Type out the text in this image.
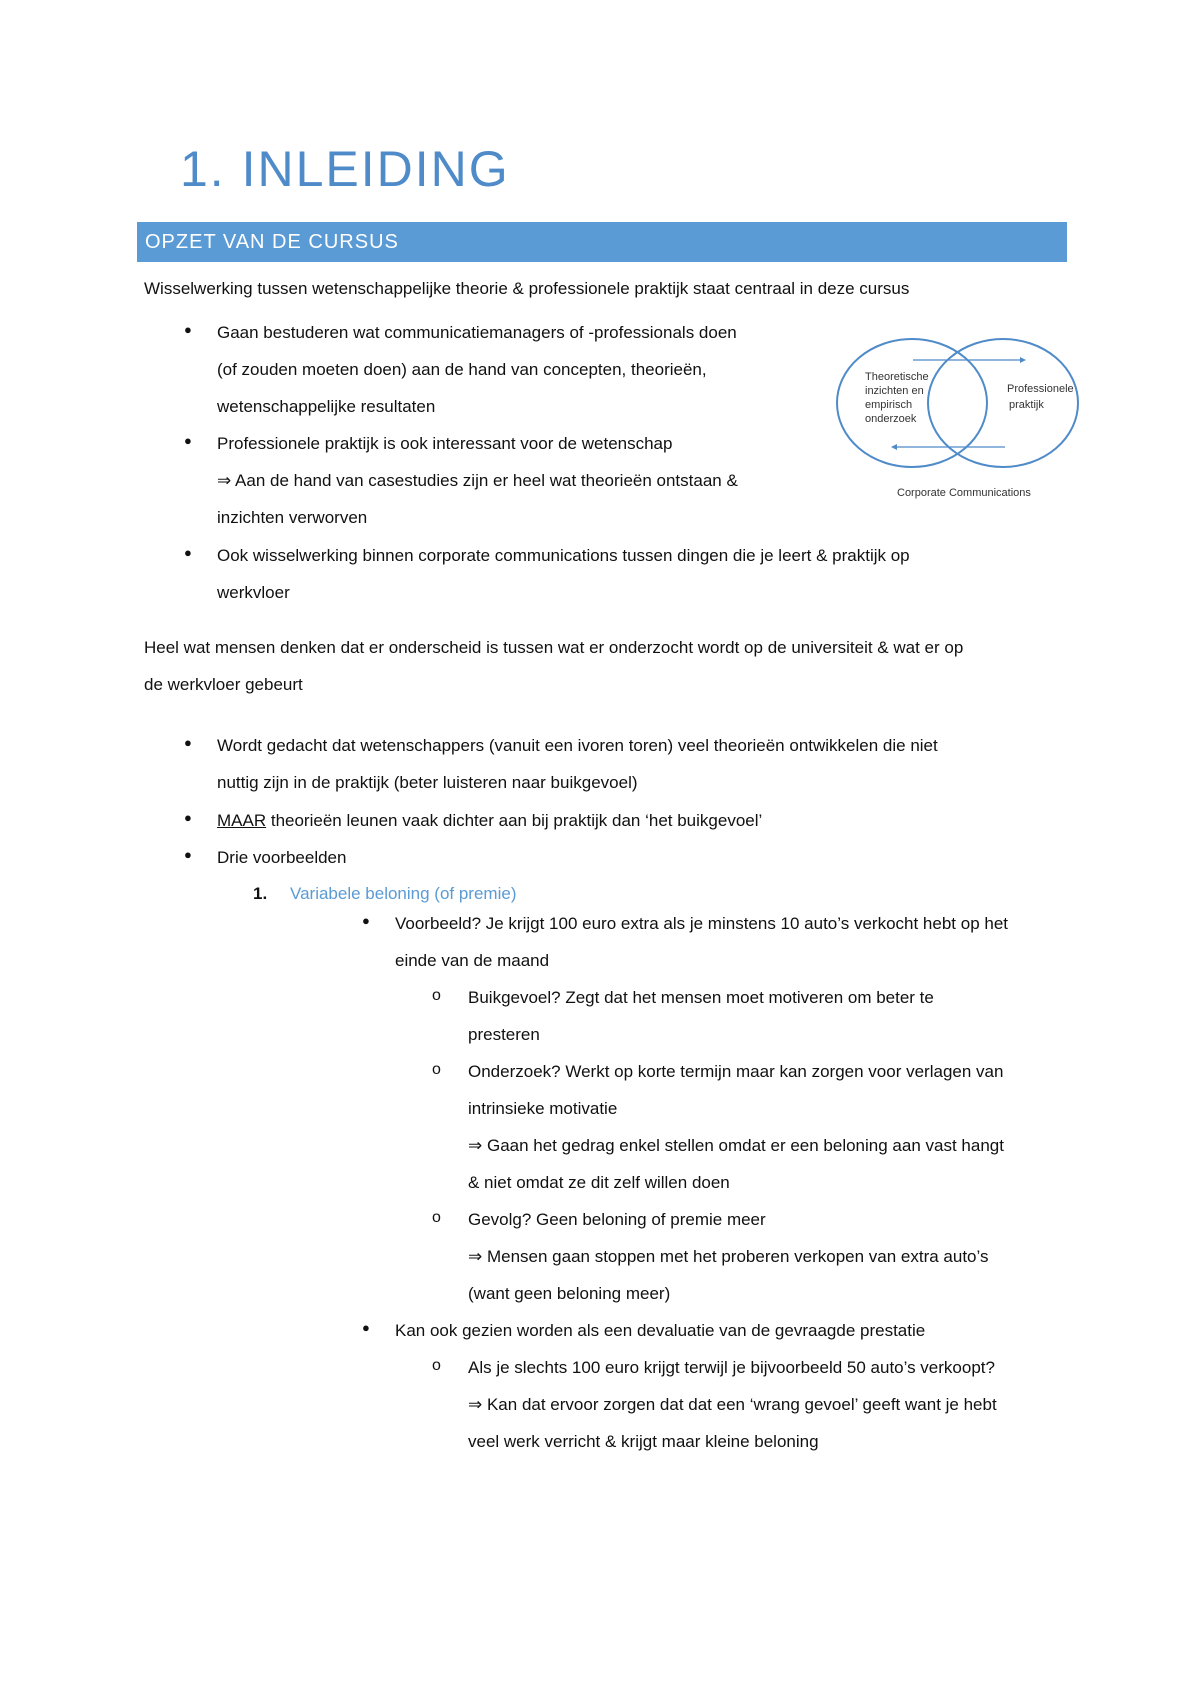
1. INLEIDING
OPZET VAN DE CURSUS
Wisselwerking tussen wetenschappelijke theorie & professionele praktijk staat centraal in deze cursus
● Gaan bestuderen wat communicatiemanagers of -professionals doen
(of zouden moeten doen) aan de hand van concepten, theorieën,
wetenschappelijke resultaten
● Professionele praktijk is ook interessant voor de wetenschap
⇒ Aan de hand van casestudies zijn er heel wat theorieën ontstaan &
inzichten verworven
● Ook wisselwerking binnen corporate communications tussen dingen die je leert & praktijk op
werkvloer
Theoretische
inzichten en
empirisch
onderzoek
Professionele
praktijk
Corporate Communications
Heel wat mensen denken dat er onderscheid is tussen wat er onderzocht wordt op de universiteit & wat er op
de werkvloer gebeurt
● Wordt gedacht dat wetenschappers (vanuit een ivoren toren) veel theorieën ontwikkelen die niet
nuttig zijn in de praktijk (beter luisteren naar buikgevoel)
● MAAR theorieën leunen vaak dichter aan bij praktijk dan ‘het buikgevoel’
● Drie voorbeelden
1. Variabele beloning (of premie)
● Voorbeeld? Je krijgt 100 euro extra als je minstens 10 auto’s verkocht hebt op het
einde van de maand
o Buikgevoel? Zegt dat het mensen moet motiveren om beter te
presteren
o Onderzoek? Werkt op korte termijn maar kan zorgen voor verlagen van
intrinsieke motivatie
⇒ Gaan het gedrag enkel stellen omdat er een beloning aan vast hangt
& niet omdat ze dit zelf willen doen
o Gevolg? Geen beloning of premie meer
⇒ Mensen gaan stoppen met het proberen verkopen van extra auto’s
(want geen beloning meer)
● Kan ook gezien worden als een devaluatie van de gevraagde prestatie
o Als je slechts 100 euro krijgt terwijl je bijvoorbeeld 50 auto’s verkoopt?
⇒ Kan dat ervoor zorgen dat dat een ‘wrang gevoel’ geeft want je hebt
veel werk verricht & krijgt maar kleine beloning
